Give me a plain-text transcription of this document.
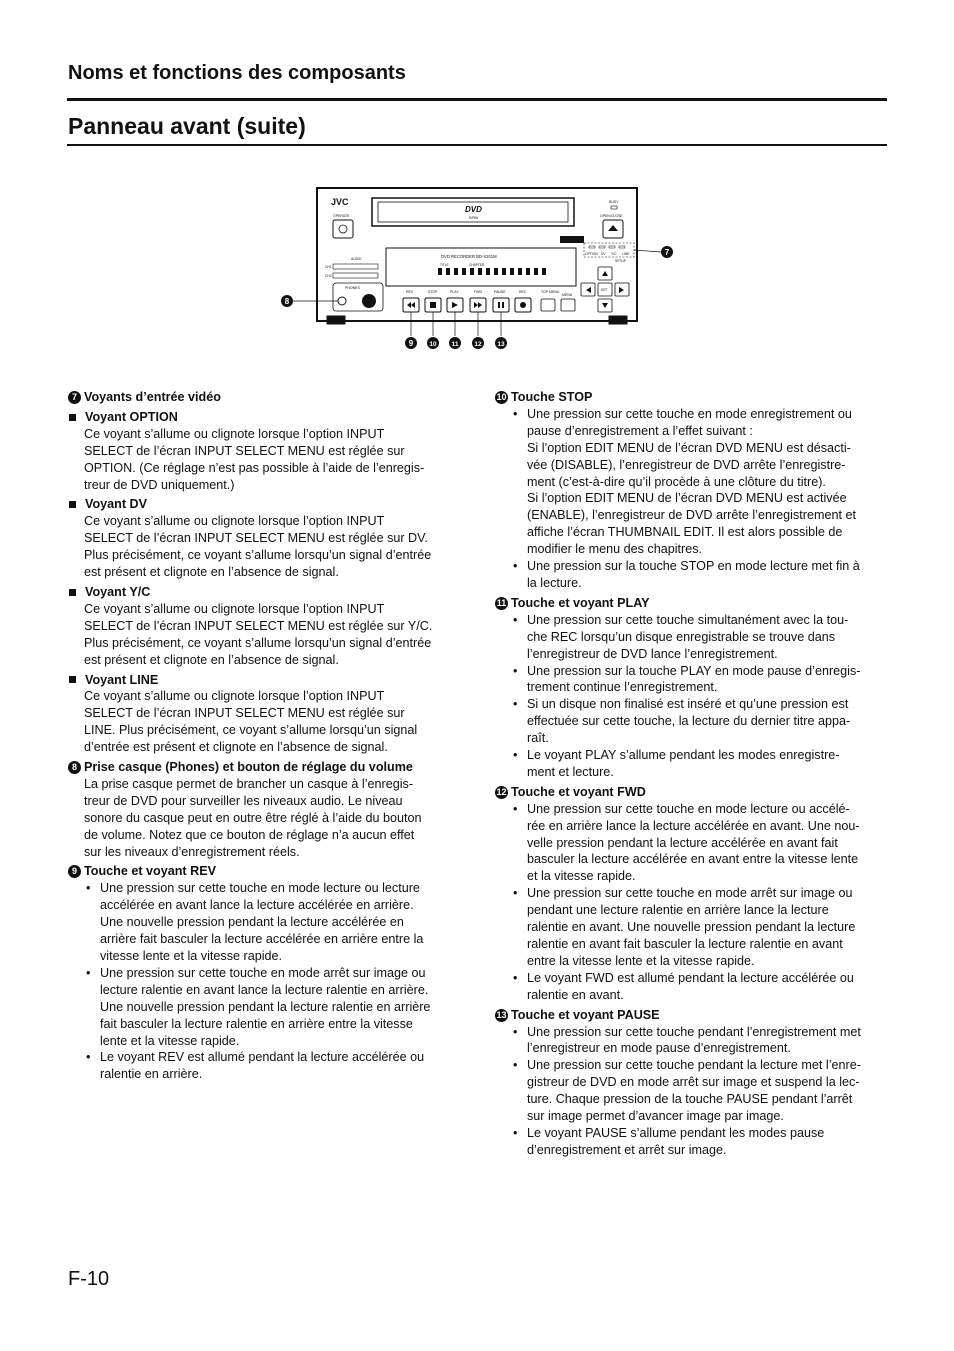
Noms et fonctions des composants
Panneau avant (suite)
JVC
DVD
R/RW
OPERATE
BUSY
OPEN/CLOSE
OPTION DV Y/C LINE
SETUP
DVD RECORDER BD-X201M
TITLE	CHAPTER
AUDIO
CH1
CH2
PHONES
REV	STOP	PLAY	FWD	PAUSE	REC	TOP MENU
MENU
SET
7
8
9 10 11 12 13
7 Voyants d’entrée vidéo
Voyant OPTION
Ce voyant s’allume ou clignote lorsque l’option INPUT
SELECT de l’écran INPUT SELECT MENU est réglée sur
OPTION. (Ce réglage n’est pas possible à l’aide de l’enregis-
treur de DVD uniquement.)
Voyant DV
Ce voyant s’allume ou clignote lorsque l’option INPUT
SELECT de l’écran INPUT SELECT MENU est réglée sur DV.
Plus précisément, ce voyant s’allume lorsqu’un signal d’entrée
est présent et clignote en l’absence de signal.
Voyant Y/C
Ce voyant s’allume ou clignote lorsque l’option INPUT
SELECT de l’écran INPUT SELECT MENU est réglée sur Y/C.
Plus précisément, ce voyant s’allume lorsqu’un signal d’entrée
est présent et clignote en l’absence de signal.
Voyant LINE
Ce voyant s’allume ou clignote lorsque l’option INPUT
SELECT de l’écran INPUT SELECT MENU est réglée sur
LINE. Plus précisément, ce voyant s’allume lorsqu’un signal
d’entrée est présent et clignote en l’absence de signal.
8 Prise casque (Phones) et bouton de réglage du volume
La prise casque permet de brancher un casque à l’enregis-
treur de DVD pour surveiller les niveaux audio. Le niveau
sonore du casque peut en outre être réglé à l’aide du bouton
de volume. Notez que ce bouton de réglage n’a aucun effet
sur les niveaux d’enregistrement réels.
9 Touche et voyant REV
• Une pression sur cette touche en mode lecture ou lecture
accélérée en avant lance la lecture accélérée en arrière.
Une nouvelle pression pendant la lecture accélérée en
arrière fait basculer la lecture accélérée en arrière entre la
vitesse lente et la vitesse rapide.
• Une pression sur cette touche en mode arrêt sur image ou
lecture ralentie en avant lance la lecture ralentie en arrière.
Une nouvelle pression pendant la lecture ralentie en arrière
fait basculer la lecture ralentie en arrière entre la vitesse
lente et la vitesse rapide.
• Le voyant REV est allumé pendant la lecture accélérée ou
ralentie en arrière.
10 Touche STOP
• Une pression sur cette touche en mode enregistrement ou
pause d’enregistrement a l’effet suivant :
Si l’option EDIT MENU de l’écran DVD MENU est désacti-
vée (DISABLE), l’enregistreur de DVD arrête l’enregistre-
ment (c’est-à-dire qu’il procède à une clôture du titre).
Si l’option EDIT MENU de l’écran DVD MENU est activée
(ENABLE), l’enregistreur de DVD arrête l’enregistrement et
affiche l’écran THUMBNAIL EDIT. Il est alors possible de
modifier le menu des chapitres.
• Une pression sur la touche STOP en mode lecture met fin à
la lecture.
11 Touche et voyant PLAY
• Une pression sur cette touche simultanément avec la tou-
che REC lorsqu’un disque enregistrable se trouve dans
l’enregistreur de DVD lance l’enregistrement.
• Une pression sur la touche PLAY en mode pause d’enregis-
trement continue l’enregistrement.
• Si un disque non finalisé est inséré et qu’une pression est
effectuée sur cette touche, la lecture du dernier titre appa-
raît.
• Le voyant PLAY s’allume pendant les modes enregistre-
ment et lecture.
12 Touche et voyant FWD
• Une pression sur cette touche en mode lecture ou accélé-
rée en arrière lance la lecture accélérée en avant. Une nou-
velle pression pendant la lecture accélérée en avant fait
basculer la lecture accélérée en avant entre la vitesse lente
et la vitesse rapide.
• Une pression sur cette touche en mode arrêt sur image ou
pendant une lecture ralentie en arrière lance la lecture
ralentie en avant. Une nouvelle pression pendant la lecture
ralentie en avant fait basculer la lecture ralentie en avant
entre la vitesse lente et la vitesse rapide.
• Le voyant FWD est allumé pendant la lecture accélérée ou
ralentie en avant.
13 Touche et voyant PAUSE
• Une pression sur cette touche pendant l’enregistrement met
l’enregistreur en mode pause d’enregistrement.
• Une pression sur cette touche pendant la lecture met l’enre-
gistreur de DVD en mode arrêt sur image et suspend la lec-
ture. Chaque pression de la touche PAUSE pendant l’arrêt
sur image permet d’avancer image par image.
• Le voyant PAUSE s’allume pendant les modes pause
d’enregistrement et arrêt sur image.
F-10
